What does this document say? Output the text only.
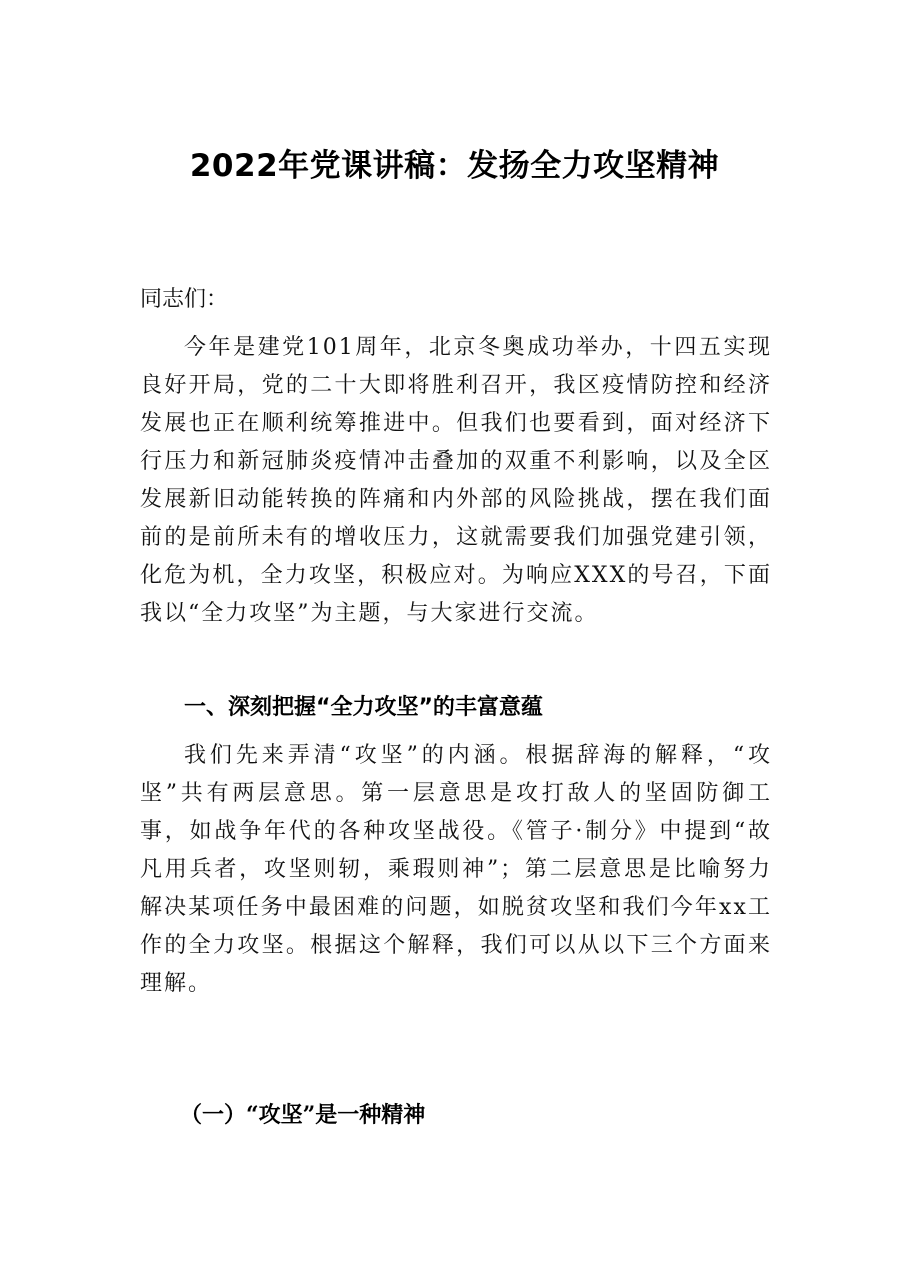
2022年党课讲稿：发扬全力攻坚精神
同志们：
今年是建党101周年，北京冬奥成功举办，十四五实现良好开局，党的二十大即将胜利召开，我区疫情防控和经济发展也正在顺利统筹推进中。但我们也要看到，面对经济下行压力和新冠肺炎疫情冲击叠加的双重不利影响，以及全区发展新旧动能转换的阵痛和内外部的风险挑战，摆在我们面前的是前所未有的增收压力，这就需要我们加强党建引领，化危为机，全力攻坚，积极应对。为响应XXX的号召，下面我以“全力攻坚”为主题，与大家进行交流。
一、深刻把握“全力攻坚”的丰富意蕴
我们先来弄清“攻坚”的内涵。根据辞海的解释，“攻坚”共有两层意思。第一层意思是攻打敌人的坚固防御工事，如战争年代的各种攻坚战役。《管子·制分》中提到“故凡用兵者，攻坚则轫，乘瑕则神”；第二层意思是比喻努力解决某项任务中最困难的问题，如脱贫攻坚和我们今年xx工作的全力攻坚。根据这个解释，我们可以从以下三个方面来理解。
（一）“攻坚”是一种精神
